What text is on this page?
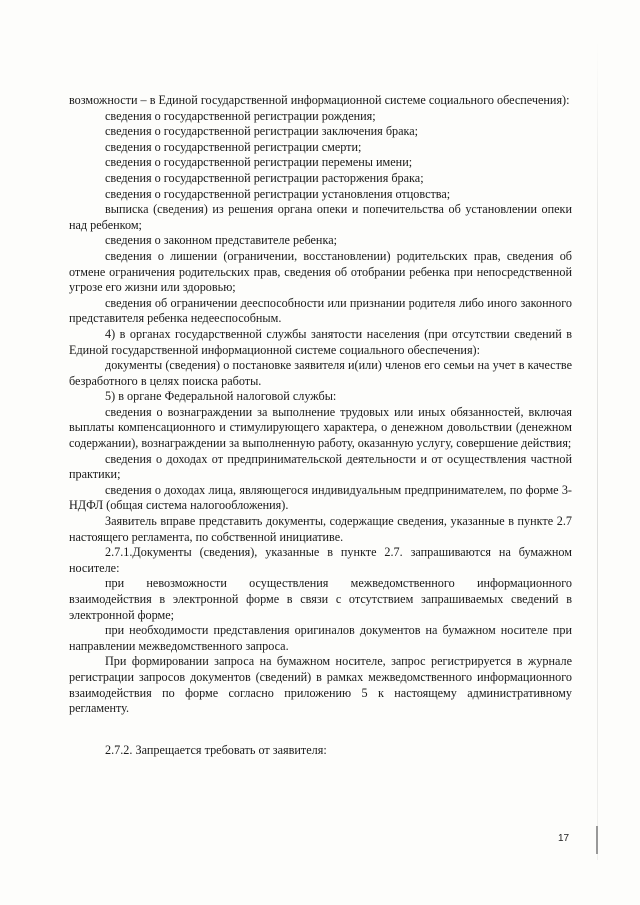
возможности – в Единой государственной информационной системе социального обеспечения):

сведения о государственной регистрации рождения;

сведения о государственной регистрации заключения брака;

сведения о государственной регистрации смерти;

сведения о государственной регистрации перемены имени;

сведения о государственной регистрации расторжения брака;

сведения о государственной регистрации установления отцовства;

выписка (сведения) из решения органа опеки и попечительства об установлении опеки над ребенком;

сведения о законном представителе ребенка;

сведения о лишении (ограничении, восстановлении) родительских прав, сведения об отмене ограничения родительских прав, сведения об отобрании ребенка при непосредственной угрозе его жизни или здоровью;

сведения об ограничении дееспособности или признании родителя либо иного законного представителя ребенка недееспособным.

4) в органах государственной службы занятости населения (при отсутствии сведений в Единой государственной информационной системе социального обеспечения):

документы (сведения) о постановке заявителя и(или) членов его семьи на учет в качестве безработного в целях поиска работы.

5) в органе Федеральной налоговой службы:

сведения о вознаграждении за выполнение трудовых или иных обязанностей, включая выплаты компенсационного и стимулирующего характера, о денежном довольствии (денежном содержании), вознаграждении за выполненную работу, оказанную услугу, совершение действия;

сведения о доходах от предпринимательской деятельности и от осуществления частной практики;

сведения о доходах лица, являющегося индивидуальным предпринимателем, по форме 3-НДФЛ (общая система налогообложения).

Заявитель вправе представить документы, содержащие сведения, указанные в пункте 2.7 настоящего регламента, по собственной инициативе.

2.7.1.Документы (сведения), указанные в пункте 2.7. запрашиваются на бумажном носителе:

при невозможности осуществления межведомственного информационного взаимодействия в электронной форме в связи с отсутствием запрашиваемых сведений в электронной форме;

при необходимости представления оригиналов документов на бумажном носителе при направлении межведомственного запроса.

При формировании запроса на бумажном носителе, запрос регистрируется в журнале регистрации запросов документов (сведений) в рамках межведомственного информационного взаимодействия по форме согласно приложению 5 к настоящему административному регламенту.

2.7.2. Запрещается требовать от заявителя:

17
